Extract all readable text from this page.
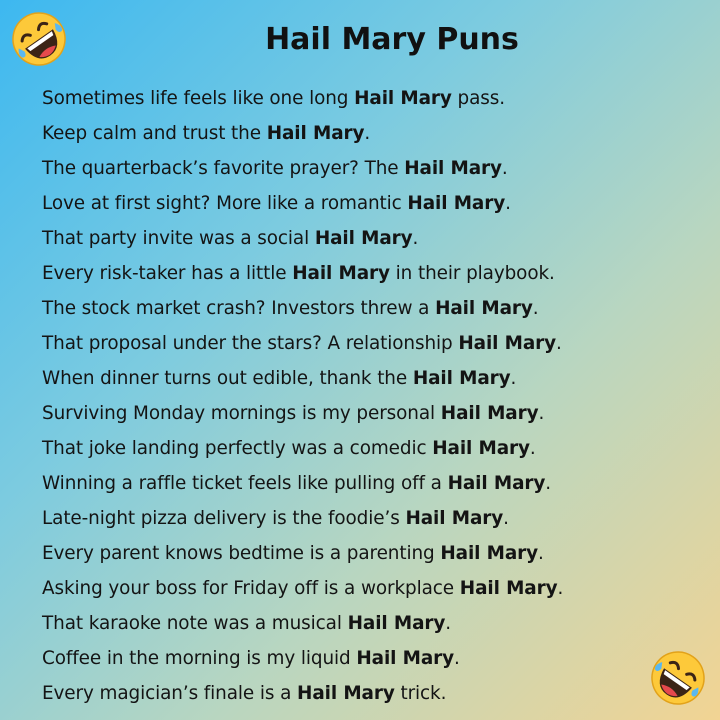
Hail Mary Puns
Sometimes life feels like one long Hail Mary pass.
Keep calm and trust the Hail Mary.
The quarterback’s favorite prayer? The Hail Mary.
Love at first sight? More like a romantic Hail Mary.
That party invite was a social Hail Mary.
Every risk-taker has a little Hail Mary in their playbook.
The stock market crash? Investors threw a Hail Mary.
That proposal under the stars? A relationship Hail Mary.
When dinner turns out edible, thank the Hail Mary.
Surviving Monday mornings is my personal Hail Mary.
That joke landing perfectly was a comedic Hail Mary.
Winning a raffle ticket feels like pulling off a Hail Mary.
Late-night pizza delivery is the foodie’s Hail Mary.
Every parent knows bedtime is a parenting Hail Mary.
Asking your boss for Friday off is a workplace Hail Mary.
That karaoke note was a musical Hail Mary.
Coffee in the morning is my liquid Hail Mary.
Every magician’s finale is a Hail Mary trick.
